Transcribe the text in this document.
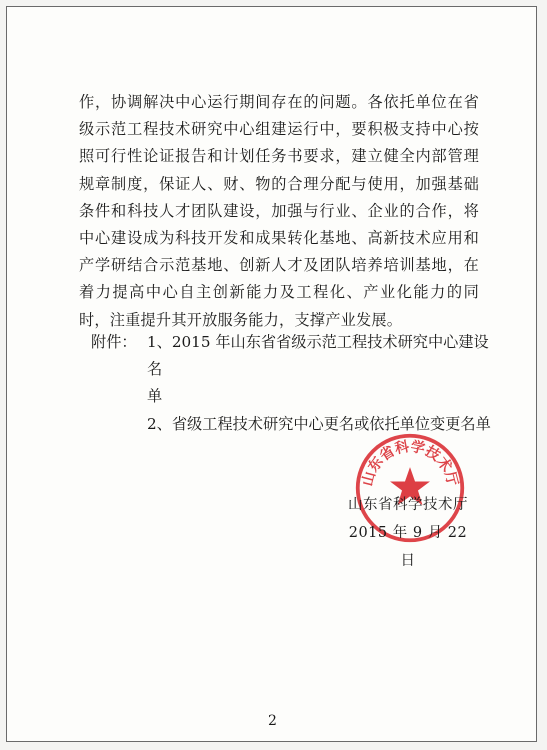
作，协调解决中心运行期间存在的问题。各依托单位在省级示范工程技术研究中心组建运行中，要积极支持中心按照可行性论证报告和计划任务书要求，建立健全内部管理规章制度，保证人、财、物的合理分配与使用，加强基础条件和科技人才团队建设，加强与行业、企业的合作，将中心建设成为科技开发和成果转化基地、高新技术应用和产学研结合示范基地、创新人才及团队培养培训基地，在着力提高中心自主创新能力及工程化、产业化能力的同时，注重提升其开放服务能力，支撑产业发展。

附件： 1、2015 年山东省省级示范工程技术研究中心建设名
单
2、省级工程技术研究中心更名或依托单位变更名单
山东省科学技术厅
山东省科学技术厅
2015 年 9 月 22 日
2
